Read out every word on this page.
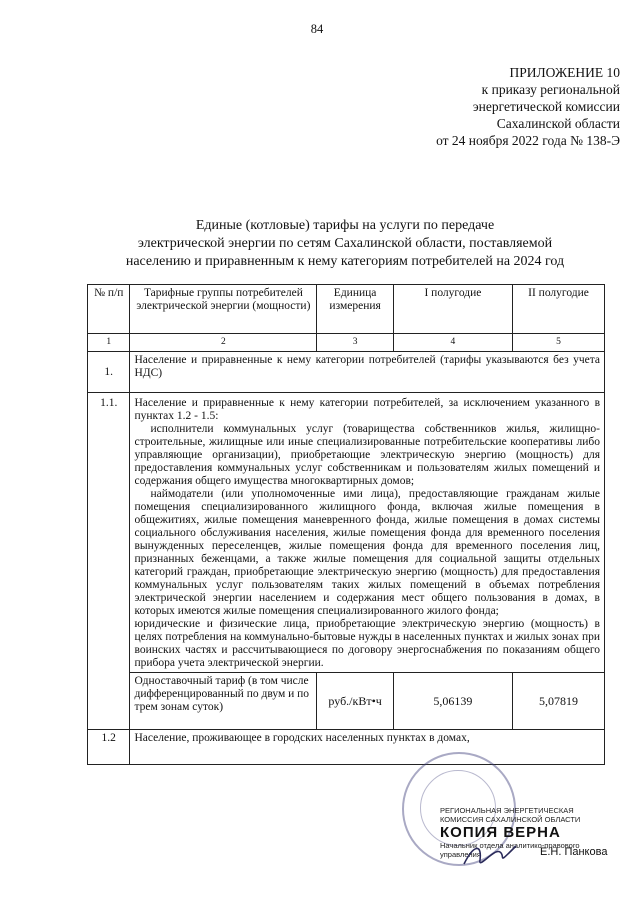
84
ПРИЛОЖЕНИЕ 10
к приказу региональной
энергетической комиссии
Сахалинской области
от 24 ноября 2022 года № 138-Э
Единые (котловые) тарифы на услуги по передаче
электрической энергии по сетям Сахалинской области, поставляемой
населению и приравненным к нему категориям потребителей на 2024 год
№ п/п	Тарифные группы потребителей электрической энергии (мощности)	Единица измерения	I полугодие	II полугодие
1	2	3	4	5
1.	Население и приравненные к нему категории потребителей (тарифы указываются без учета НДС)			
1.1.	Население и приравненные к нему категории потребителей, за исключением указанного в пунктах 1.2 - 1.5:
исполнители коммунальных услуг (товарищества собственников жилья, жилищно-строительные, жилищные или иные специализированные потребительские кооперативы либо управляющие организации), приобретающие электрическую энергию (мощность) для предоставления коммунальных услуг собственникам и пользователям жилых помещений и содержания общего имущества многоквартирных домов;
наймодатели (или уполномоченные ими лица), предоставляющие гражданам жилые помещения специализированного жилищного фонда, включая жилые помещения в общежитиях, жилые помещения маневренного фонда, жилые помещения в домах системы социального обслуживания населения, жилые помещения фонда для временного поселения вынужденных переселенцев, жилые помещения фонда для временного поселения лиц, признанных беженцами, а также жилые помещения для социальной защиты отдельных категорий граждан, приобретающие электрическую энергию (мощность) для предоставления коммунальных услуг пользователям таких жилых помещений в объемах потребления электрической энергии населением и содержания мест общего пользования в домах, в которых имеются жилые помещения специализированного жилого фонда;
юридические и физические лица, приобретающие электрическую энергию (мощность) в целях потребления на коммунально-бытовые нужды в населенных пунктах и жилых зонах при воинских частях и рассчитывающиеся по договору энергоснабжения по показаниям общего прибора учета электрической энергии.			

	Одноставочный тариф (в том числе дифференцированный по двум и по трем зонам суток)	руб./кВт•ч	5,06139	5,07819
1.2	Население, проживающее в городских населенных пунктах в домах,			
РЕГИОНАЛЬНАЯ ЭНЕРГЕТИЧЕСКАЯ КОМИССИЯ САХАЛИНСКОЙ ОБЛАСТИ
КОПИЯ ВЕРНА
Начальник отдела аналитико-правового управления	Е.Н. Панкова
